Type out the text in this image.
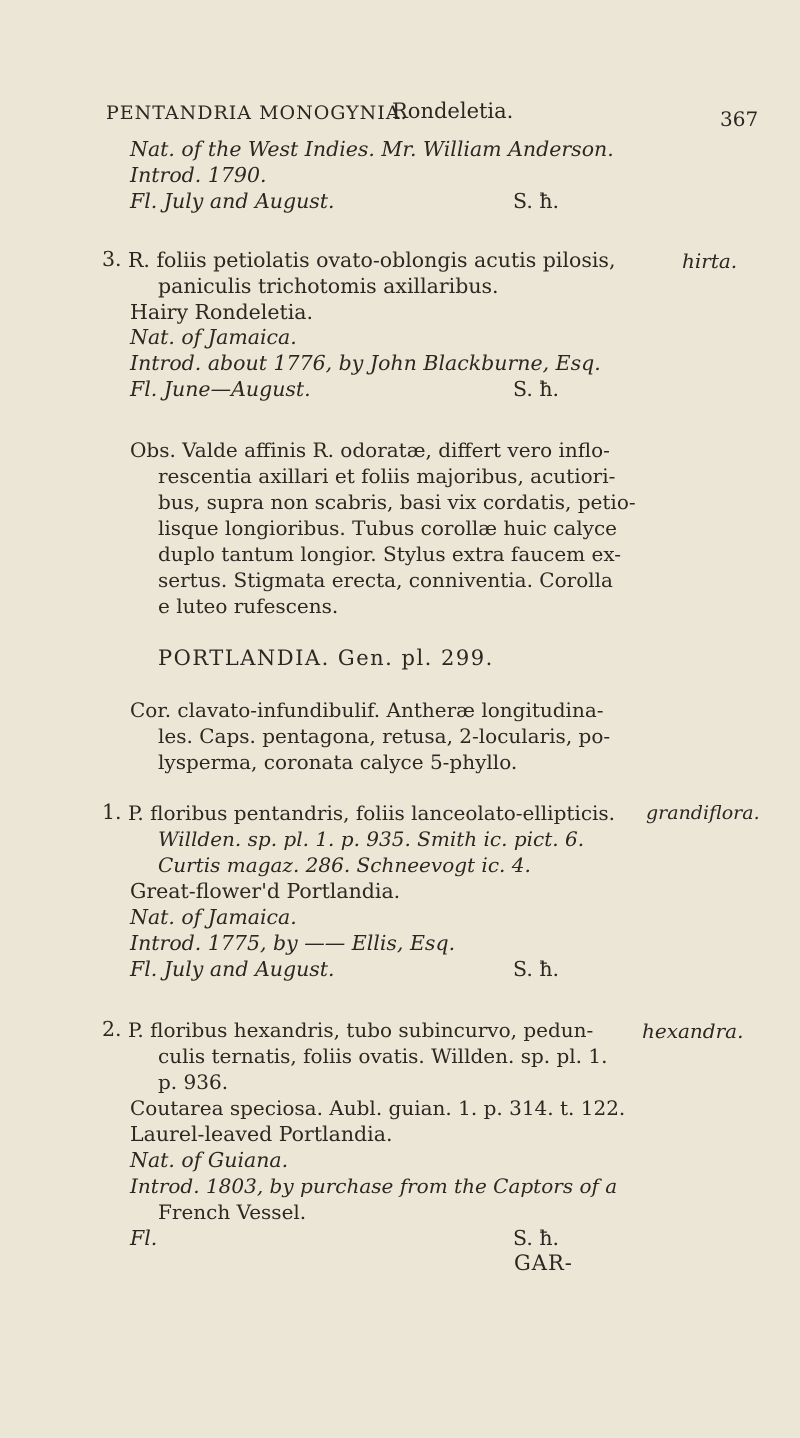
PENTANDRIA MONOGYNIA.
Rondeletia.	367
Nat. of the West Indies. Mr. William Anderson.
Introd. 1790.
Fl. July and August.	S. ħ.
3. R. foliis petiolatis ovato-oblongis acutis pilosis,	hirta.
paniculis trichotomis axillaribus.
Hairy Rondeletia.
Nat. of Jamaica.
Introd. about 1776, by John Blackburne, Esq.
Fl. June—August.	S. ħ.
Obs. Valde affinis R. odoratæ, differt vero inflo-
rescentia axillari et foliis majoribus, acutiori-
bus, supra non scabris, basi vix cordatis, petio-
lisque longioribus. Tubus corollæ huic calyce
duplo tantum longior. Stylus extra faucem ex-
sertus. Stigmata erecta, conniventia. Corolla
e luteo rufescens.
PORTLANDIA. Gen. pl. 299.
Cor. clavato-infundibulif. Antheræ longitudina-
les. Caps. pentagona, retusa, 2-locularis, po-
lysperma, coronata calyce 5-phyllo.
1. P. floribus pentandris, foliis lanceolato-ellipticis. grandiflora.
Willden. sp. pl. 1. p. 935. Smith ic. pict. 6.
Curtis magaz. 286. Schneevogt ic. 4.
Great-flower'd Portlandia.
Nat. of Jamaica.
Introd. 1775, by —— Ellis, Esq.
Fl. July and August.	S. ħ.
2. P. floribus hexandris, tubo subincurvo, pedun- hexandra.
culis ternatis, foliis ovatis. Willden. sp. pl. 1.
p. 936.
Coutarea speciosa. Aubl. guian. 1. p. 314. t. 122.
Laurel-leaved Portlandia.
Nat. of Guiana.
Introd. 1803, by purchase from the Captors of a
French Vessel.
Fl.	S. ħ.
GAR-
